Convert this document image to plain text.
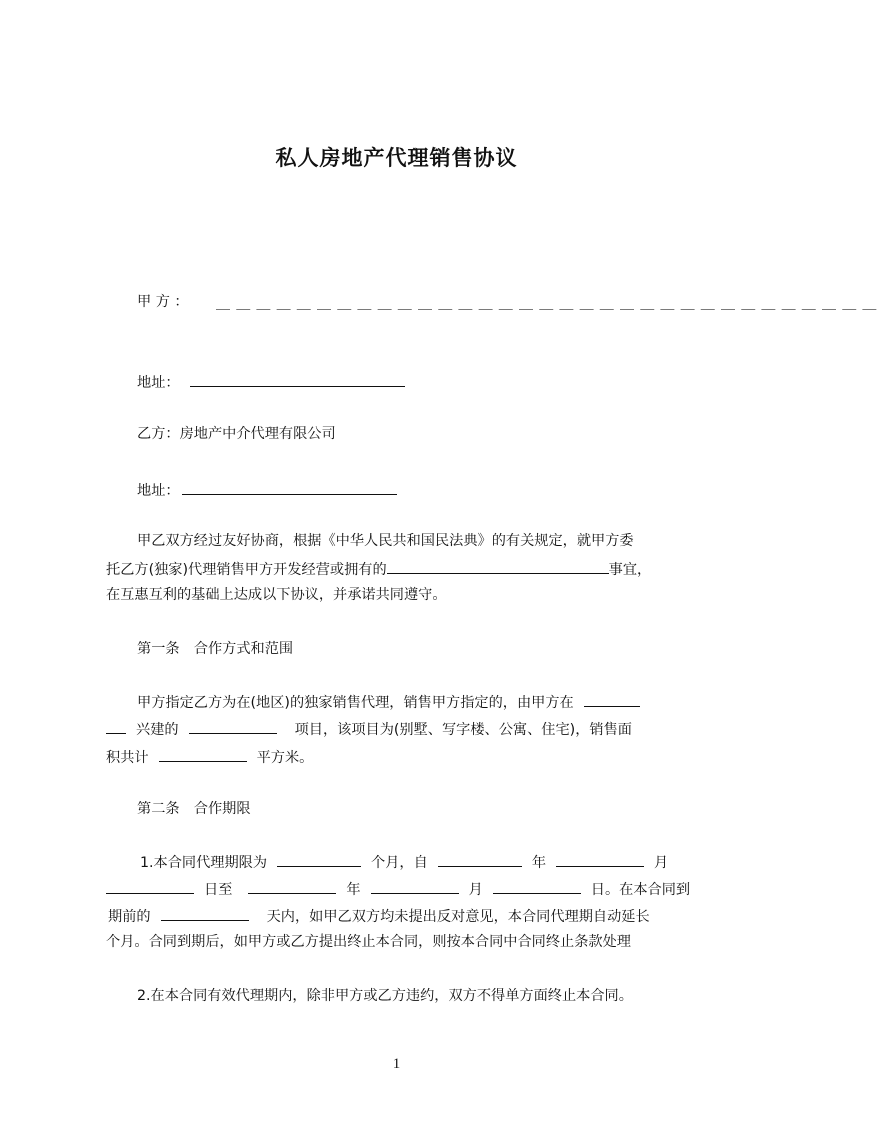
私人房地产代理销售协议
甲 方 ： ＿＿＿＿＿＿＿＿＿＿＿＿＿＿＿＿＿＿＿＿＿＿＿＿＿＿＿＿＿＿＿＿＿
地址：
乙方：房地产中介代理有限公司
地址：
甲乙双方经过友好协商，根据《中华人民共和国民法典》的有关规定，就甲方委
托乙方(独家)代理销售甲方开发经营或拥有的	事宜，
在互惠互利的基础上达成以下协议，并承诺共同遵守。
第一条　合作方式和范围
甲方指定乙方为在(地区)的独家销售代理，销售甲方指定的，由甲方在
兴建的	项目，该项目为(别墅、写字楼、公寓、住宅)，销售面
积共计	平方米。
第二条　合作期限
1.本合同代理期限为	个月，自	年	月
日至	年	月	日。在本合同到
期前的	天内，如甲乙双方均未提出反对意见，本合同代理期自动延长
个月。合同到期后，如甲方或乙方提出终止本合同，则按本合同中合同终止条款处理
2.在本合同有效代理期内，除非甲方或乙方违约，双方不得单方面终止本合同。
1
